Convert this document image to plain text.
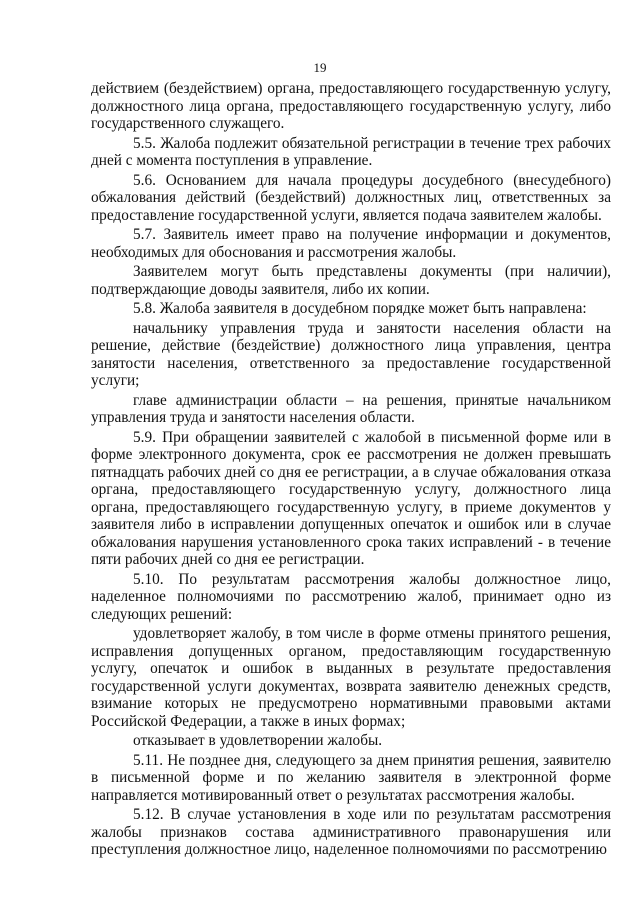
19

действием (бездействием) органа, предоставляющего государственную услугу, должностного лица органа, предоставляющего государственную услугу, либо государственного служащего.

5.5. Жалоба подлежит обязательной регистрации в течение трех рабочих дней с момента поступления в управление.

5.6. Основанием для начала процедуры досудебного (внесудебного) обжалования действий (бездействий) должностных лиц, ответственных за предоставление государственной услуги, является подача заявителем жалобы.

5.7. Заявитель имеет право на получение информации и документов, необходимых для обоснования и рассмотрения жалобы.

Заявителем могут быть представлены документы (при наличии), подтверждающие доводы заявителя, либо их копии.

5.8. Жалоба заявителя в досудебном порядке может быть направлена:

начальнику управления труда и занятости населения области на решение, действие (бездействие) должностного лица управления, центра занятости населения, ответственного за предоставление государственной услуги;

главе администрации области – на решения, принятые начальником управления труда и занятости населения области.

5.9. При обращении заявителей с жалобой в письменной форме или в форме электронного документа, срок ее рассмотрения не должен превышать пятнадцать рабочих дней со дня ее регистрации, а в случае обжалования отказа органа, предоставляющего государственную услугу, должностного лица органа, предоставляющего государственную услугу, в приеме документов у заявителя либо в исправлении допущенных опечаток и ошибок или в случае обжалования нарушения установленного срока таких исправлений - в течение пяти рабочих дней со дня ее регистрации.

5.10. По результатам рассмотрения жалобы должностное лицо, наделенное полномочиями по рассмотрению жалоб, принимает одно из следующих решений:

удовлетворяет жалобу, в том числе в форме отмены принятого решения, исправления допущенных органом, предоставляющим государственную услугу, опечаток и ошибок в выданных в результате предоставления государственной услуги документах, возврата заявителю денежных средств, взимание которых не предусмотрено нормативными правовыми актами Российской Федерации, а также в иных формах;

отказывает в удовлетворении жалобы.

5.11. Не позднее дня, следующего за днем принятия решения, заявителю в письменной форме и по желанию заявителя в электронной форме направляется мотивированный ответ о результатах рассмотрения жалобы.

5.12. В случае установления в ходе или по результатам рассмотрения жалобы признаков состава административного правонарушения или преступления должностное лицо, наделенное полномочиями по рассмотрению
